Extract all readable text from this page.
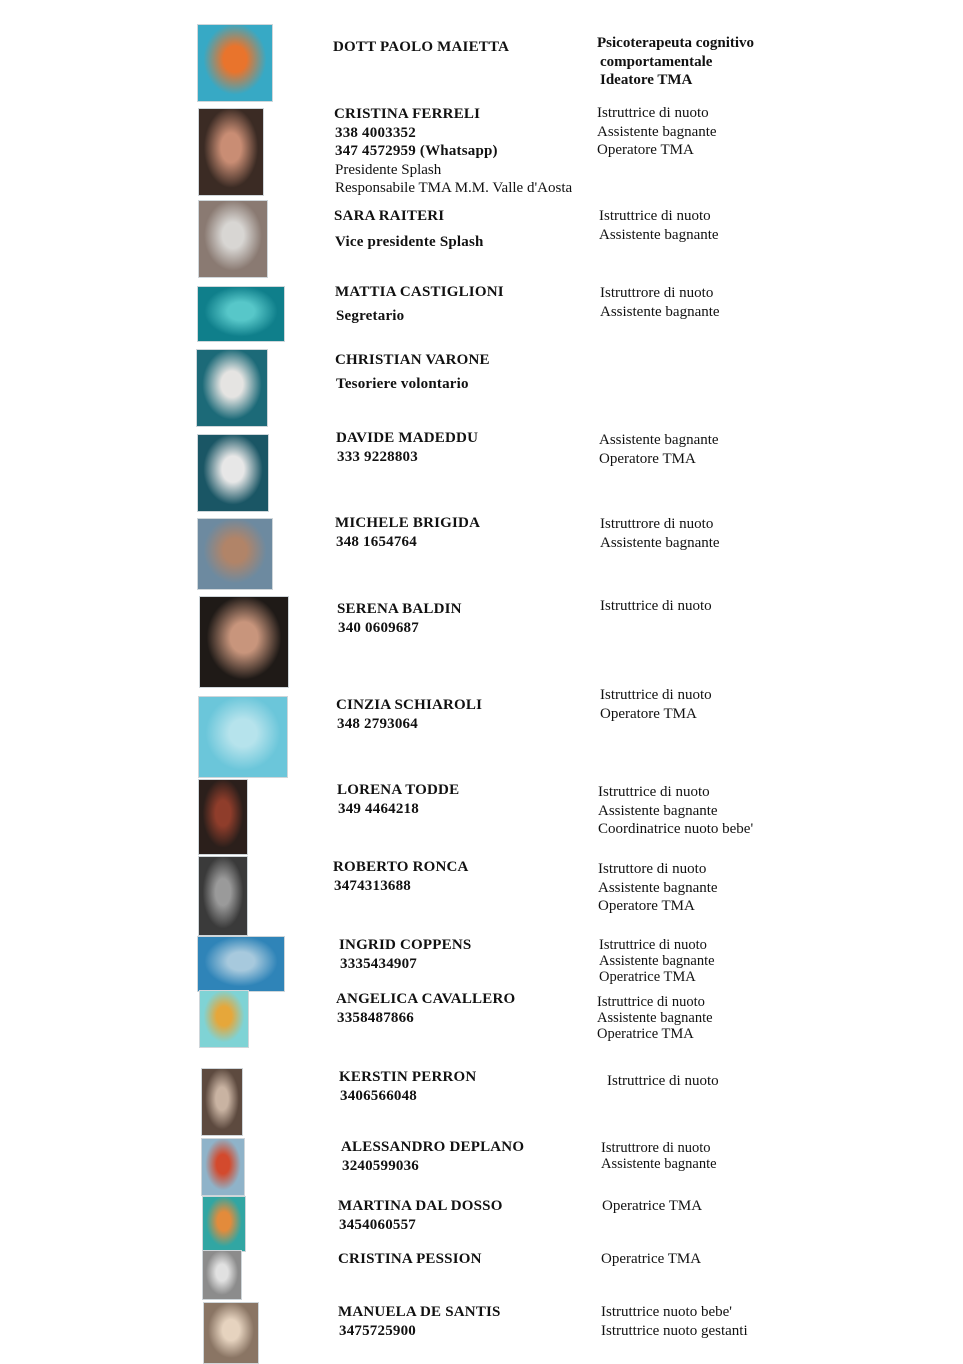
DOTT PAOLO MAIETTA	Psicoterapeuta cognitivo
comportamentale
Ideatore TMA
CRISTINA FERRELI
338 4003352
347 4572959 (Whatsapp)
Presidente Splash
Responsabile TMA M.M. Valle d'Aosta
Istruttrice di nuoto
Assistente bagnante
Operatore TMA
SARA RAITERI
Vice presidente Splash
Istruttrice di nuoto
Assistente bagnante
MATTIA CASTIGLIONI
Segretario
Istruttrore di nuoto
Assistente bagnante
CHRISTIAN VARONE
Tesoriere volontario
DAVIDE MADEDDU
333 9228803
Assistente bagnante
Operatore TMA
MICHELE BRIGIDA
348 1654764
Istruttrore di nuoto
Assistente bagnante
SERENA BALDIN
340 0609687
Istruttrice di nuoto
CINZIA SCHIAROLI
348 2793064
Istruttrice di nuoto
Operatore TMA
LORENA TODDE
349 4464218
Istruttrice di nuoto
Assistente bagnante
Coordinatrice nuoto bebe'
ROBERTO RONCA
3474313688
Istruttore di nuoto
Assistente bagnante
Operatore TMA
INGRID COPPENS
3335434907
Istruttrice di nuoto
Assistente bagnante
Operatrice TMA
ANGELICA CAVALLERO
3358487866
Istruttrice di nuoto
Assistente bagnante
Operatrice TMA
KERSTIN PERRON
3406566048
Istruttrice di nuoto
ALESSANDRO DEPLANO
3240599036
Istruttrore di nuoto
Assistente bagnante
MARTINA DAL DOSSO
3454060557
Operatrice TMA
CRISTINA PESSION	Operatrice TMA
MANUELA DE SANTIS
3475725900
Istruttrice nuoto bebe'
Istruttrice nuoto gestanti
